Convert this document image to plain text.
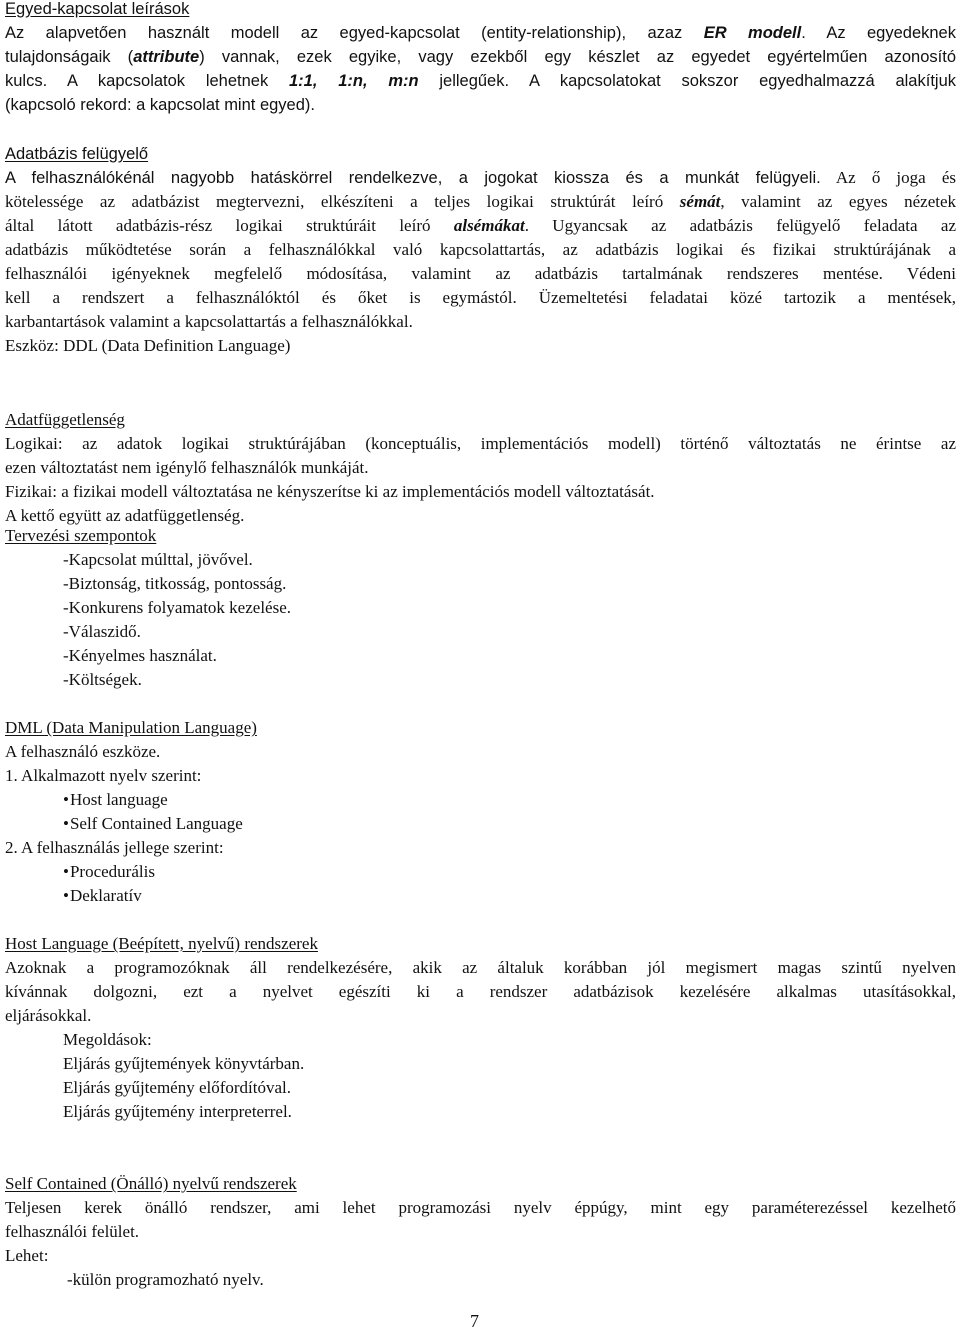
Egyed-kapcsolat leírások
Az alapvetően használt modell az egyed-kapcsolat (entity-relationship), azaz ER modell. Az egyedeknek
tulajdonságaik (attribute) vannak, ezek egyike, vagy ezekből egy készlet az egyedet egyértelműen azonosító
kulcs. A kapcsolatok lehetnek 1:1, 1:n, m:n jellegűek. A kapcsolatokat sokszor egyedhalmazzá alakítjuk
(kapcsoló rekord: a kapcsolat mint egyed).
Adatbázis felügyelő
A felhasználókénál nagyobb hatáskörrel rendelkezve, a jogokat kiossza és a munkát felügyeli. Az ő joga és
kötelessége az adatbázist megtervezni, elkészíteni a teljes logikai struktúrát leíró sémát, valamint az egyes nézetek
által látott adatbázis-rész logikai struktúráit leíró alsémákat. Ugyancsak az adatbázis felügyelő feladata az
adatbázis működtetése során a felhasználókkal való kapcsolattartás, az adatbázis logikai és fizikai struktúrájának a
felhasználói igényeknek megfelelő módosítása, valamint az adatbázis tartalmának rendszeres mentése. Védeni
kell a rendszert a felhasználóktól és őket is egymástól. Üzemeltetési feladatai közé tartozik a mentések,
karbantartások valamint a kapcsolattartás a felhasználókkal.
Eszköz: DDL (Data Definition Language)
Adatfüggetlenség
Logikai: az adatok logikai struktúrájában (konceptuális, implementációs modell) történő változtatás ne érintse az
ezen változtatást nem igénylő felhasználók munkáját.
Fizikai: a fizikai modell változtatása ne kényszerítse ki az implementációs modell változtatását.
A kettő együtt az adatfüggetlenség.
Tervezési szempontok
-Kapcsolat múlttal, jövővel.
-Biztonság, titkosság, pontosság.
-Konkurens folyamatok kezelése.
-Válaszidő.
-Kényelmes használat.
-Költségek.
DML (Data Manipulation Language)
A felhasználó eszköze.
1. Alkalmazott nyelv szerint:
• Host language
• Self Contained Language
2. A felhasználás jellege szerint:
• Procedurális
• Deklaratív
Host Language (Beépített, nyelvű) rendszerek
Azoknak a programozóknak áll rendelkezésére, akik az általuk korábban jól megismert magas szintű nyelven
kívánnak dolgozni, ezt a nyelvet egészíti ki a rendszer adatbázisok kezelésére alkalmas utasításokkal,
eljárásokkal.
Megoldások:
Eljárás gyűjtemények könyvtárban.
Eljárás gyűjtemény előfordítóval.
Eljárás gyűjtemény interpreterrel.
Self Contained (Önálló) nyelvű rendszerek
Teljesen kerek önálló rendszer, ami lehet programozási nyelv éppúgy, mint egy paraméterezéssel kezelhető
felhasználói felület.
Lehet:
-külön programozható nyelv.
7
